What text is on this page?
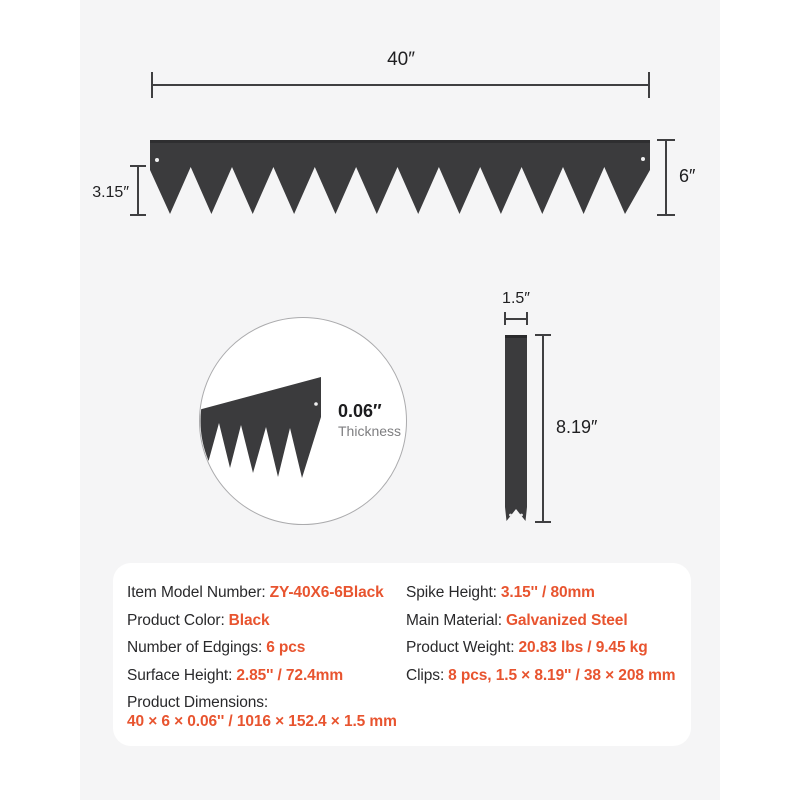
40″
3.15″
6″
0.06″
Thickness
1.5″
8.19″
Item Model Number: ZY-40X6-6Black
Product Color: Black
Number of Edgings: 6 pcs
Surface Height: 2.85'' / 72.4mm
Product Dimensions:
40 × 6 × 0.06'' / 1016 × 152.4 × 1.5 mm
Spike Height: 3.15'' / 80mm
Main Material: Galvanized Steel
Product Weight: 20.83 lbs / 9.45 kg
Clips: 8 pcs, 1.5 × 8.19'' / 38 × 208 mm
